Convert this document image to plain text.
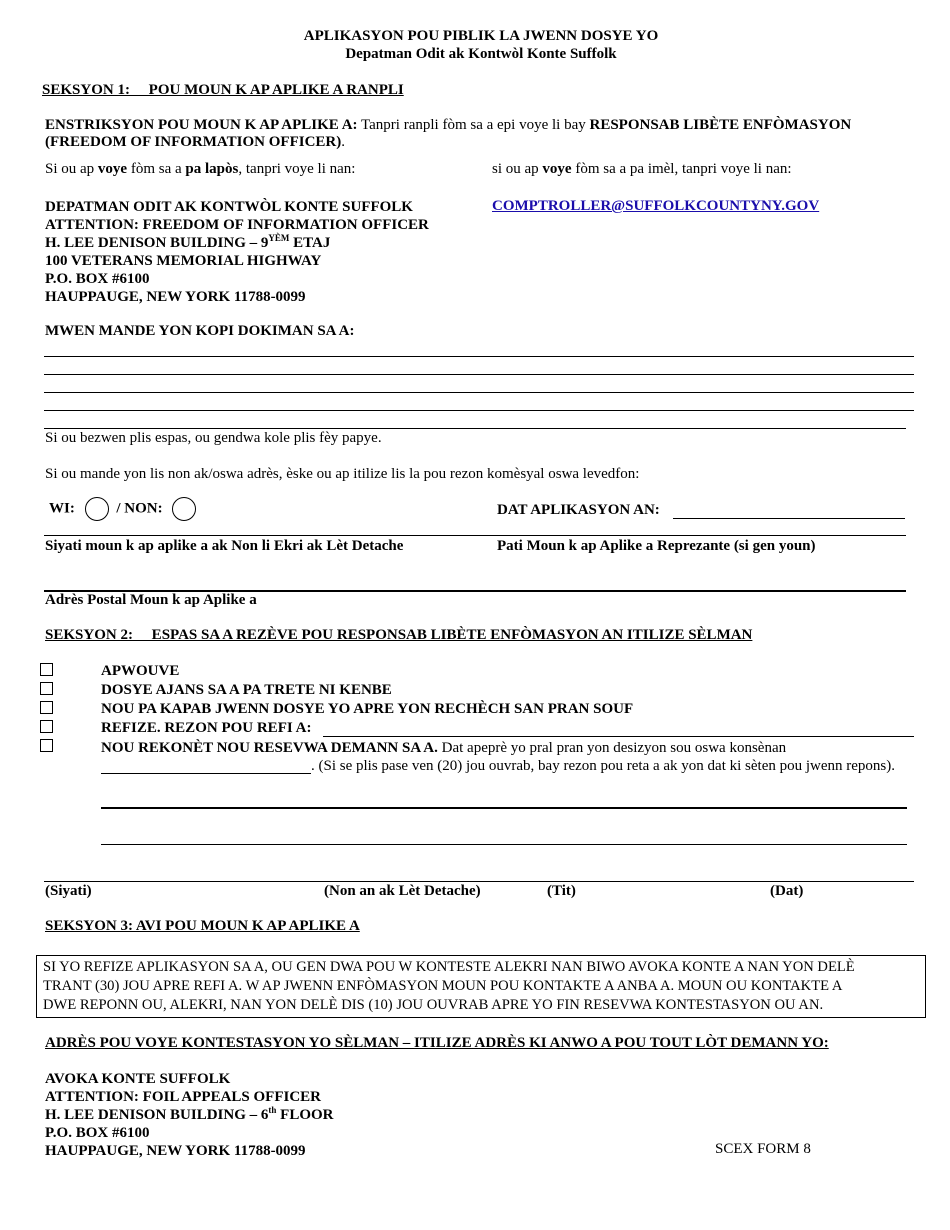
APLIKASYON POU PIBLIK LA JWENN DOSYE YO
Depatman Odit ak Kontwòl Konte Suffolk
SEKSYON 1:     POU MOUN K AP APLIKE A RANPLI
ENSTRIKSYON POU MOUN K AP APLIKE A: Tanpri ranpli fòm sa a epi voye li bay RESPONSAB LIBÈTE ENFÒMASYON
(FREEDOM OF INFORMATION OFFICER).
Si ou ap voye fòm sa a pa lapòs, tanpri voye li nan:	si ou ap voye fòm sa a pa imèl, tanpri voye li nan:
DEPATMAN ODIT AK KONTWÒL KONTE SUFFOLK
ATTENTION: FREEDOM OF INFORMATION OFFICER
H. LEE DENISON BUILDING – $9^{YÈM}$ ETAJ
100 VETERANS MEMORIAL HIGHWAY
P.O. BOX #6100
HAUPPAUGE, NEW YORK 11788-0099
COMPTROLLER@SUFFOLKCOUNTYNY.GOV
MWEN MANDE YON KOPI DOKIMAN SA A:
Si ou bezwen plis espas, ou gendwa kole plis fèy papye.
Si ou mande yon lis non ak/oswa adrès, èske ou ap itilize lis la pou rezon komèsyal oswa levedfon:
WI:	/ NON:	DAT APLIKASYON AN:
Siyati moun k ap aplike a ak Non li Ekri ak Lèt Detache	Pati Moun k ap Aplike a Reprezante (si gen youn)
Adrès Postal Moun k ap Aplike a
SEKSYON 2:     ESPAS SA A REZÈVE POU RESPONSAB LIBÈTE ENFÒMASYON AN ITILIZE SÈLMAN
APWOUVE
DOSYE AJANS SA A PA TRETE NI KENBE
NOU PA KAPAB JWENN DOSYE YO APRE YON RECHÈCH SAN PRAN SOUF
REFIZE. REZON POU REFI A:
NOU REKONÈT NOU RESEVWA DEMANN SA A. Dat apeprè yo pral pran yon desizyon sou oswa konsènan
. (Si se plis pase ven (20) jou ouvrab, bay rezon pou reta a ak yon dat ki sèten pou jwenn repons).
(Siyati)	(Non an ak Lèt Detache)	(Tit)	(Dat)
SEKSYON 3: AVI POU MOUN K AP APLIKE A
SI YO REFIZE APLIKASYON SA A, OU GEN DWA POU W KONTESTE ALEKRI NAN BIWO AVOKA KONTE A NAN YON DELÈ
TRANT (30) JOU APRE REFI A. W AP JWENN ENFÒMASYON MOUN POU KONTAKTE A ANBA A. MOUN OU KONTAKTE A
DWE REPONN OU, ALEKRI, NAN YON DELÈ DIS (10) JOU OUVRAB APRE YO FIN RESEVWA KONTESTASYON OU AN.
ADRÈS POU VOYE KONTESTASYON YO SÈLMAN – ITILIZE ADRÈS KI ANWO A POU TOUT LÒT DEMANN YO:
AVOKA KONTE SUFFOLK
ATTENTION: FOIL APPEALS OFFICER
H. LEE DENISON BUILDING – 6th FLOOR
P.O. BOX #6100
HAUPPAUGE, NEW YORK 11788-0099	SCEX FORM 8
